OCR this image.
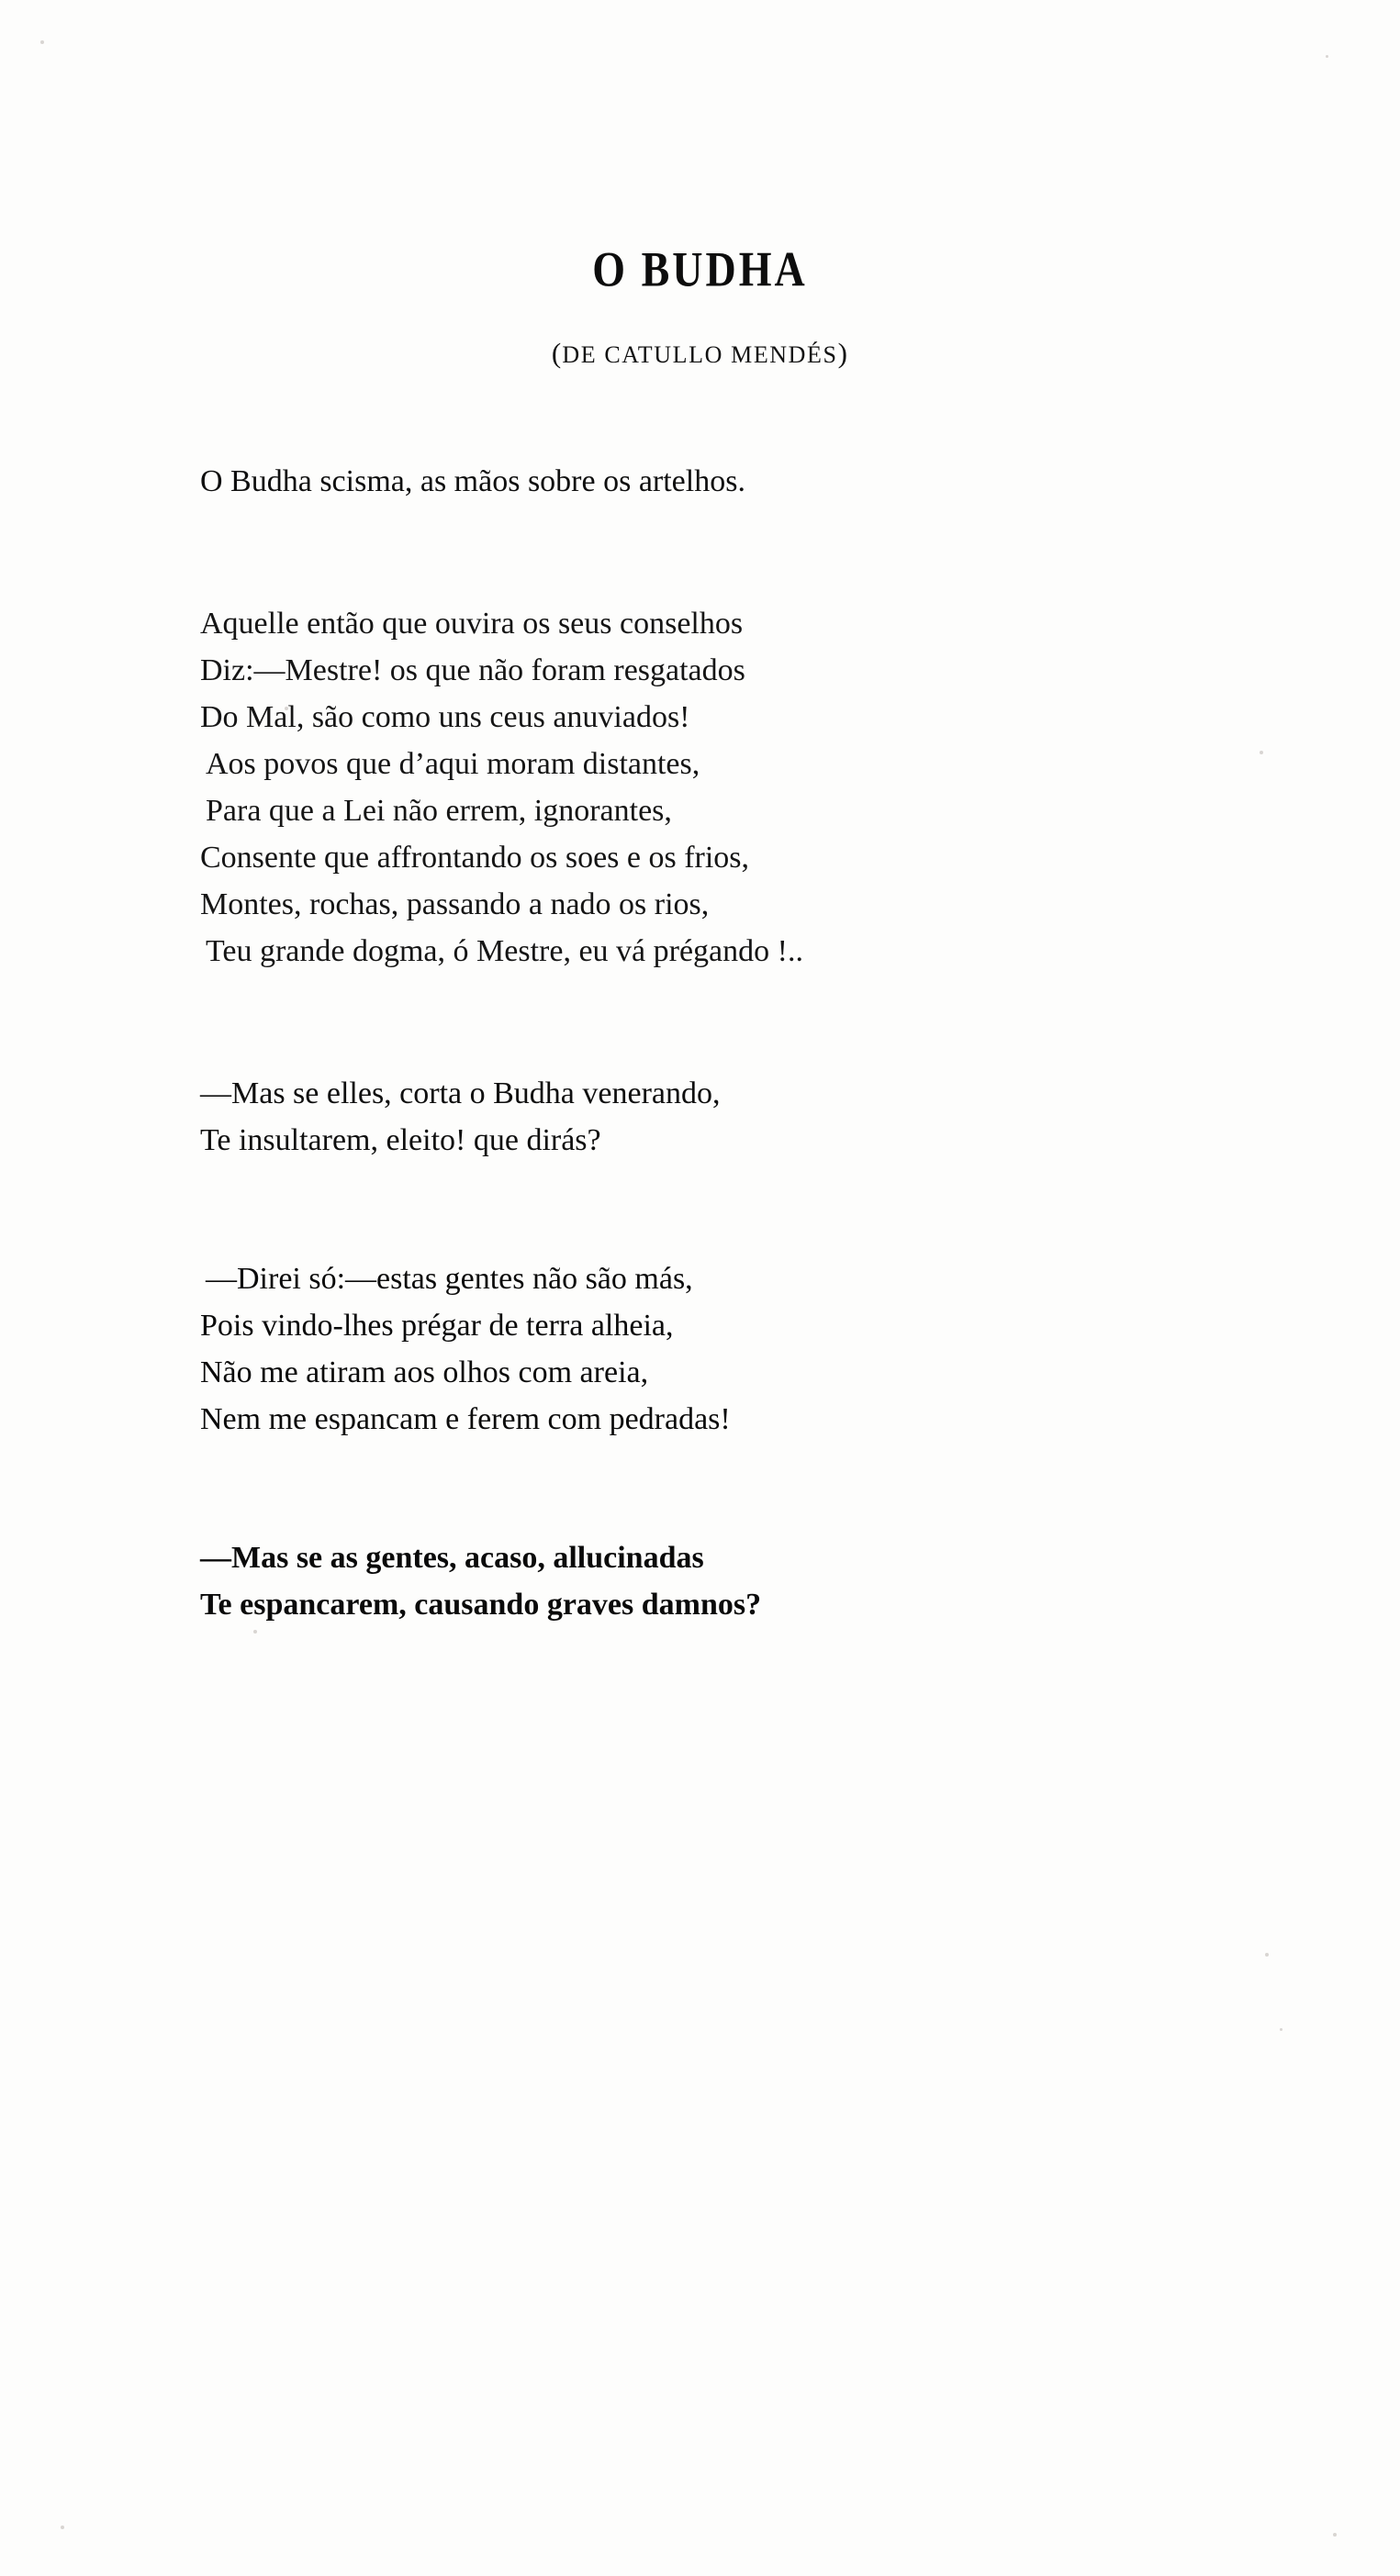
O BUDHA
(DE CATULLO MENDÉS)
O Budha scisma, as mãos sobre os artelhos.
Aquelle então que ouvira os seus conselhos
Diz:—Mestre! os que não foram resgatados
Do Mal, são como uns ceus anuviados!
Aos povos que d’aqui moram distantes,
Para que a Lei não errem, ignorantes,
Consente que affrontando os soes e os frios,
Montes, rochas, passando a nado os rios,
Teu grande dogma, ó Mestre, eu vá prégando !..
—Mas se elles, corta o Budha venerando,
Te insultarem, eleito! que dirás?
—Direi só:—estas gentes não são más,
Pois vindo-lhes prégar de terra alheia,
Não me atiram aos olhos com areia,
Nem me espancam e ferem com pedradas!
—Mas se as gentes, acaso, allucinadas
Te espancarem, causando graves damnos?
